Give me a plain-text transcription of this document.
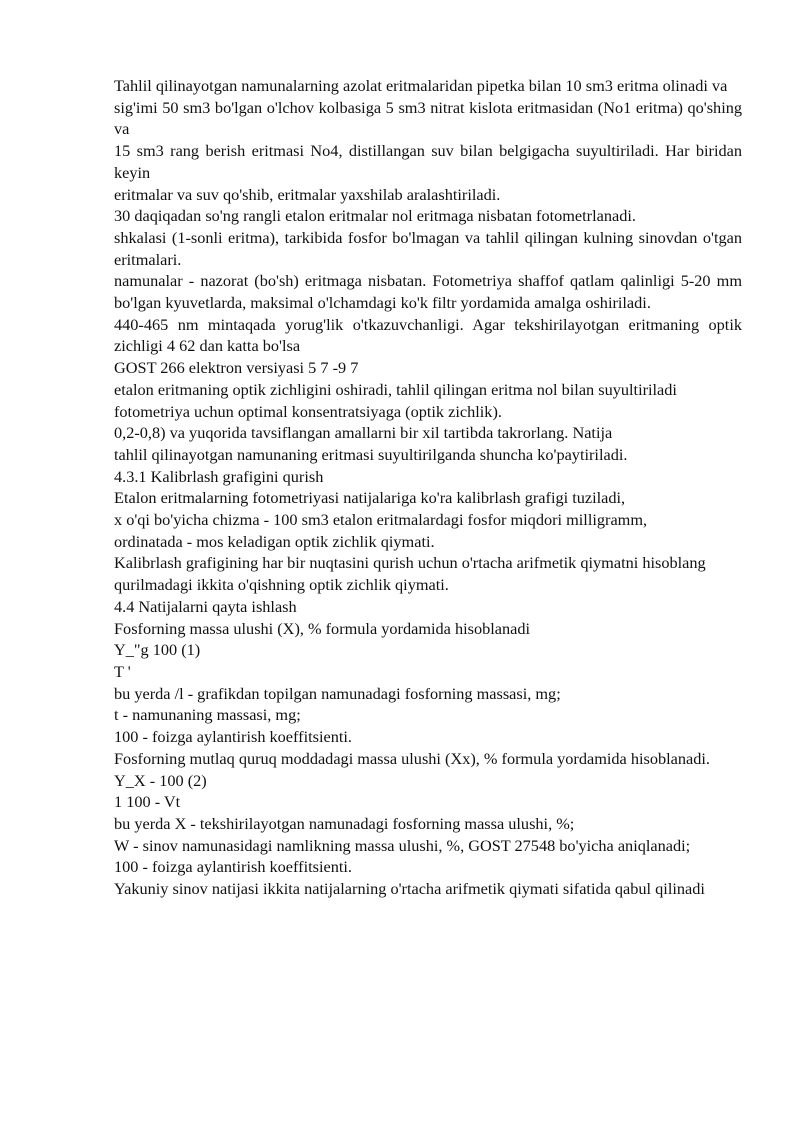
Tahlil qilinayotgan namunalarning azolat eritmalaridan pipetka bilan 10 sm3 eritma olinadi va

sig'imi 50 sm3 bo'lgan o'lchov kolbasiga 5 sm3 nitrat kislota eritmasidan (No1 eritma) qo'shing va

15 sm3 rang berish eritmasi No4, distillangan suv bilan belgigacha suyultiriladi. Har biridan keyin

eritmalar va suv qo'shib, eritmalar yaxshilab aralashtiriladi.

30 daqiqadan so'ng rangli etalon eritmalar nol eritmaga nisbatan fotometrlanadi.

shkalasi (1-sonli eritma), tarkibida fosfor bo'lmagan va tahlil qilingan kulning sinovdan o'tgan eritmalari.

namunalar - nazorat (bo'sh) eritmaga nisbatan. Fotometriya shaffof qatlam qalinligi 5-20 mm bo'lgan kyuvetlarda, maksimal o'lchamdagi ko'k filtr yordamida amalga oshiriladi.

440-465 nm mintaqada yorug'lik o'tkazuvchanligi. Agar tekshirilayotgan eritmaning optik zichligi 4 62 dan katta bo'lsa

GOST 266 elektron versiyasi 5 7 -9 7

etalon eritmaning optik zichligini oshiradi, tahlil qilingan eritma nol bilan suyultiriladi

fotometriya uchun optimal konsentratsiyaga (optik zichlik).

0,2-0,8) va yuqorida tavsiflangan amallarni bir xil tartibda takrorlang. Natija

tahlil qilinayotgan namunaning eritmasi suyultirilganda shuncha ko'paytiriladi.

4.3.1 Kalibrlash grafigini qurish

Etalon eritmalarning fotometriyasi natijalariga ko'ra kalibrlash grafigi tuziladi,

x o'qi bo'yicha chizma - 100 sm3 etalon eritmalardagi fosfor miqdori milligramm,

ordinatada - mos keladigan optik zichlik qiymati.

Kalibrlash grafigining har bir nuqtasini qurish uchun o'rtacha arifmetik qiymatni hisoblang

qurilmadagi ikkita o'qishning optik zichlik qiymati.

4.4 Natijalarni qayta ishlash

Fosforning massa ulushi (X), % formula yordamida hisoblanadi

Y_"g 100 (1)

T '

bu yerda /l - grafikdan topilgan namunadagi fosforning massasi, mg;

t - namunaning massasi, mg;

100 - foizga aylantirish koeffitsienti.

Fosforning mutlaq quruq moddadagi massa ulushi (Xx), % formula yordamida hisoblanadi.

Y_X - 100 (2)

1 100 - Vt

bu yerda X - tekshirilayotgan namunadagi fosforning massa ulushi, %;

W - sinov namunasidagi namlikning massa ulushi, %, GOST 27548 bo'yicha aniqlanadi;

100 - foizga aylantirish koeffitsienti.

Yakuniy sinov natijasi ikkita natijalarning o'rtacha arifmetik qiymati sifatida qabul qilinadi
